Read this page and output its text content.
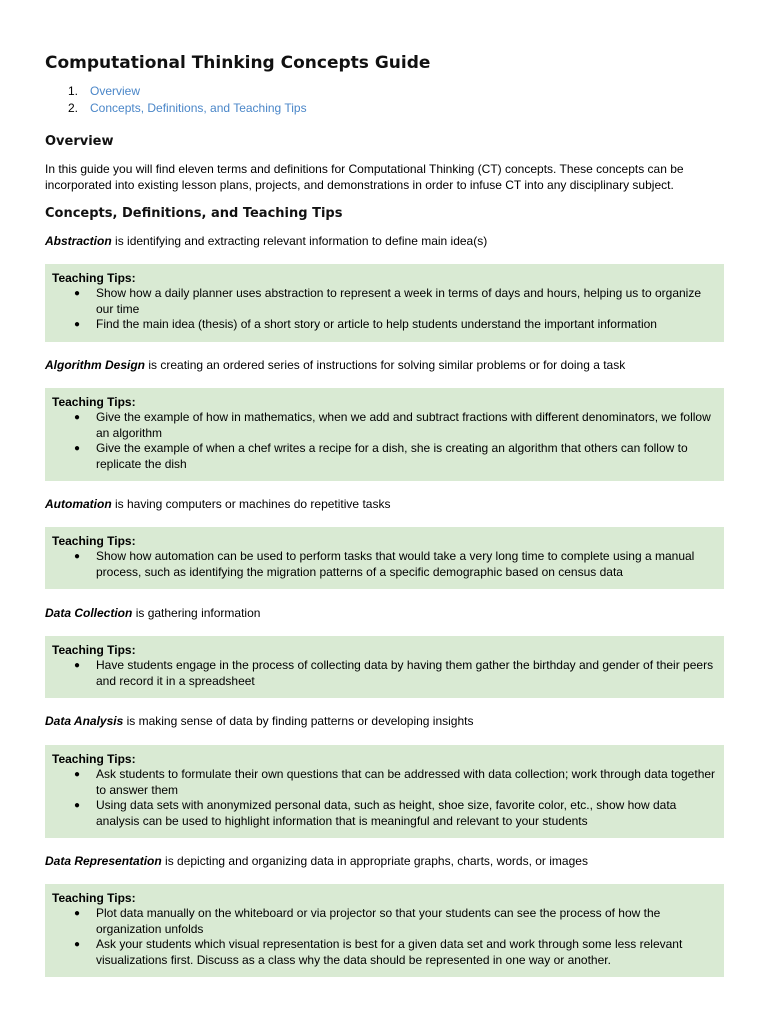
Computational Thinking Concepts Guide
1. Overview
2. Concepts, Definitions, and Teaching Tips
Overview

In this guide you will find eleven terms and definitions for Computational Thinking (CT) concepts. These concepts can be incorporated into existing lesson plans, projects, and demonstrations in order to infuse CT into any disciplinary subject.

Concepts, Definitions, and Teaching Tips

Abstraction is identifying and extracting relevant information to define main idea(s)

Teaching Tips:

● Show how a daily planner uses abstraction to represent a week in terms of days and hours, helping us to organize our time
● Find the main idea (thesis) of a short story or article to help students understand the important information

Algorithm Design is creating an ordered series of instructions for solving similar problems or for doing a task

Teaching Tips:

● Give the example of how in mathematics, when we add and subtract fractions with different denominators, we follow an algorithm
● Give the example of when a chef writes a recipe for a dish, she is creating an algorithm that others can follow to replicate the dish

Automation is having computers or machines do repetitive tasks

Teaching Tips:

● Show how automation can be used to perform tasks that would take a very long time to complete using a manual process, such as identifying the migration patterns of a specific demographic based on census data

Data Collection is gathering information

Teaching Tips:

● Have students engage in the process of collecting data by having them gather the birthday and gender of their peers and record it in a spreadsheet

Data Analysis is making sense of data by finding patterns or developing insights

Teaching Tips:

● Ask students to formulate their own questions that can be addressed with data collection; work through data together to answer them
● Using data sets with anonymized personal data, such as height, shoe size, favorite color, etc., show how data analysis can be used to highlight information that is meaningful and relevant to your students

Data Representation is depicting and organizing data in appropriate graphs, charts, words, or images

Teaching Tips:

● Plot data manually on the whiteboard or via projector so that your students can see the process of how the organization unfolds
● Ask your students which visual representation is best for a given data set and work through some less relevant visualizations first. Discuss as a class why the data should be represented in one way or another.
